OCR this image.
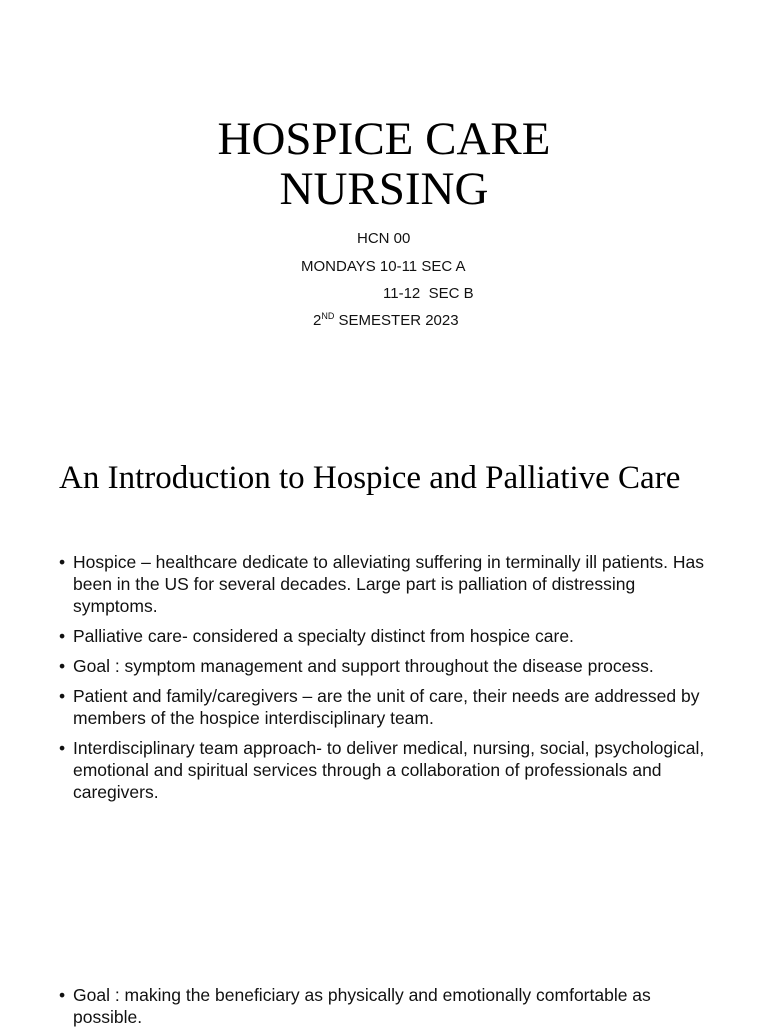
HOSPICE CARE
NURSING
HCN 00
MONDAYS 10-11 SEC A
11-12  SEC B
2ND SEMESTER 2023
An Introduction to Hospice and Palliative Care
• Hospice – healthcare dedicate to alleviating suffering in terminally ill patients. Has been in the US for several decades. Large part is palliation of distressing symptoms.
• Palliative care- considered a specialty distinct from hospice care.
• Goal : symptom management and support throughout the disease process.
• Patient and family/caregivers – are the unit of care, their needs are addressed by members of the hospice interdisciplinary team.
• Interdisciplinary team approach- to deliver medical, nursing, social, psychological, emotional and spiritual services through a collaboration of professionals and caregivers.
• Goal : making the beneficiary as physically and emotionally comfortable as possible.
